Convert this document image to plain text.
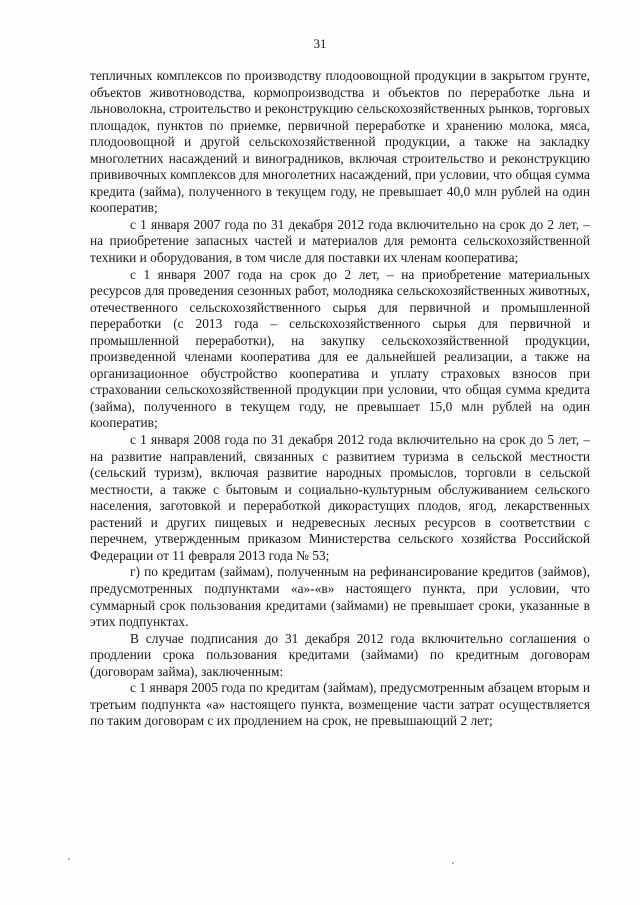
31

тепличных комплексов по производству плодоовощной продукции в закрытом грунте, объектов животноводства, кормопроизводства и объектов по переработке льна и льноволокна, строительство и реконструкцию сельскохозяйственных рынков, торговых площадок, пунктов по приемке, первичной переработке и хранению молока, мяса, плодоовощной и другой сельскохозяйственной продукции, а также на закладку многолетних насаждений и виноградников, включая строительство и реконструкцию прививочных комплексов для многолетних насаждений, при условии, что общая сумма кредита (займа), полученного в текущем году, не превышает 40,0 млн рублей на один кооператив;

с 1 января 2007 года по 31 декабря 2012 года включительно на срок до 2 лет, – на приобретение запасных частей и материалов для ремонта сельскохозяйственной техники и оборудования, в том числе для поставки их членам кооператива;

с 1 января 2007 года на срок до 2 лет, – на приобретение материальных ресурсов для проведения сезонных работ, молодняка сельскохозяйственных животных, отечественного сельскохозяйственного сырья для первичной и промышленной переработки (с 2013 года – сельскохозяйственного сырья для первичной и промышленной переработки), на закупку сельскохозяйственной продукции, произведенной членами кооператива для ее дальнейшей реализации, а также на организационное обустройство кооператива и уплату страховых взносов при страховании сельскохозяйственной продукции при условии, что общая сумма кредита (займа), полученного в текущем году, не превышает 15,0 млн рублей на один кооператив;

с 1 января 2008 года по 31 декабря 2012 года включительно на срок до 5 лет, – на развитие направлений, связанных с развитием туризма в сельской местности (сельский туризм), включая развитие народных промыслов, торговли в сельской местности, а также с бытовым и социально-культурным обслуживанием сельского населения, заготовкой и переработкой дикорастущих плодов, ягод, лекарственных растений и других пищевых и недревесных лесных ресурсов в соответствии с перечнем, утвержденным приказом Министерства сельского хозяйства Российской Федерации от 11 февраля 2013 года № 53;

г) по кредитам (займам), полученным на рефинансирование кредитов (займов), предусмотренных подпунктами «а»-«в» настоящего пункта, при условии, что суммарный срок пользования кредитами (займами) не превышает сроки, указанные в этих подпунктах.

В случае подписания до 31 декабря 2012 года включительно соглашения о продлении срока пользования кредитами (займами) по кредитным договорам (договорам займа), заключенным:

с 1 января 2005 года по кредитам (займам), предусмотренным абзацем вторым и третьим подпункта «а» настоящего пункта, возмещение части затрат осуществляется по таким договорам с их продлением на срок, не превышающий 2 лет;
